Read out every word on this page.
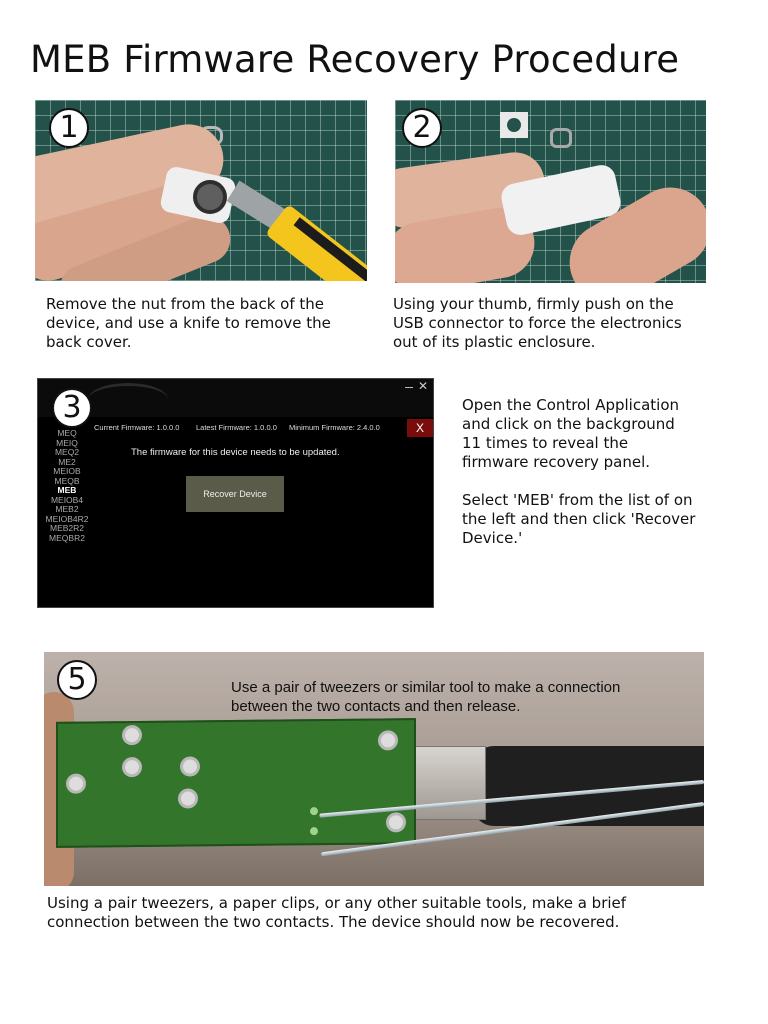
MEB Firmware Recovery Procedure
1

Remove the nut from the back of the
device, and use a knife to remove the
back cover.

2

Using your thumb, firmly push on the
USB connector to force the electronics
out of its plastic enclosure.

✕
Current Firmware: 1.0.0.0 Latest Firmware: 1.0.0.0 Minimum Firmware: 2.4.0.0	X
MEQ
MEIQ
MEQ2
ME2
MEIOB
MEQB
MEB
MEIOB4
MEB2
MEIOB4R2
MEB2R2
MEQBR2
The firmware for this device needs to be updated.
Recover Device
3	Open the Control Application
and click on the background
11 times to reveal the
firmware recovery panel.

Select 'MEB' from the list of on
the left and then click 'Recover
Device.'

Use a pair of tweezers or similar tool to make a connection
between the two contacts and then release.

5

Using a pair tweezers, a paper clips, or any other suitable tools, make a brief
connection between the two contacts. The device should now be recovered.
